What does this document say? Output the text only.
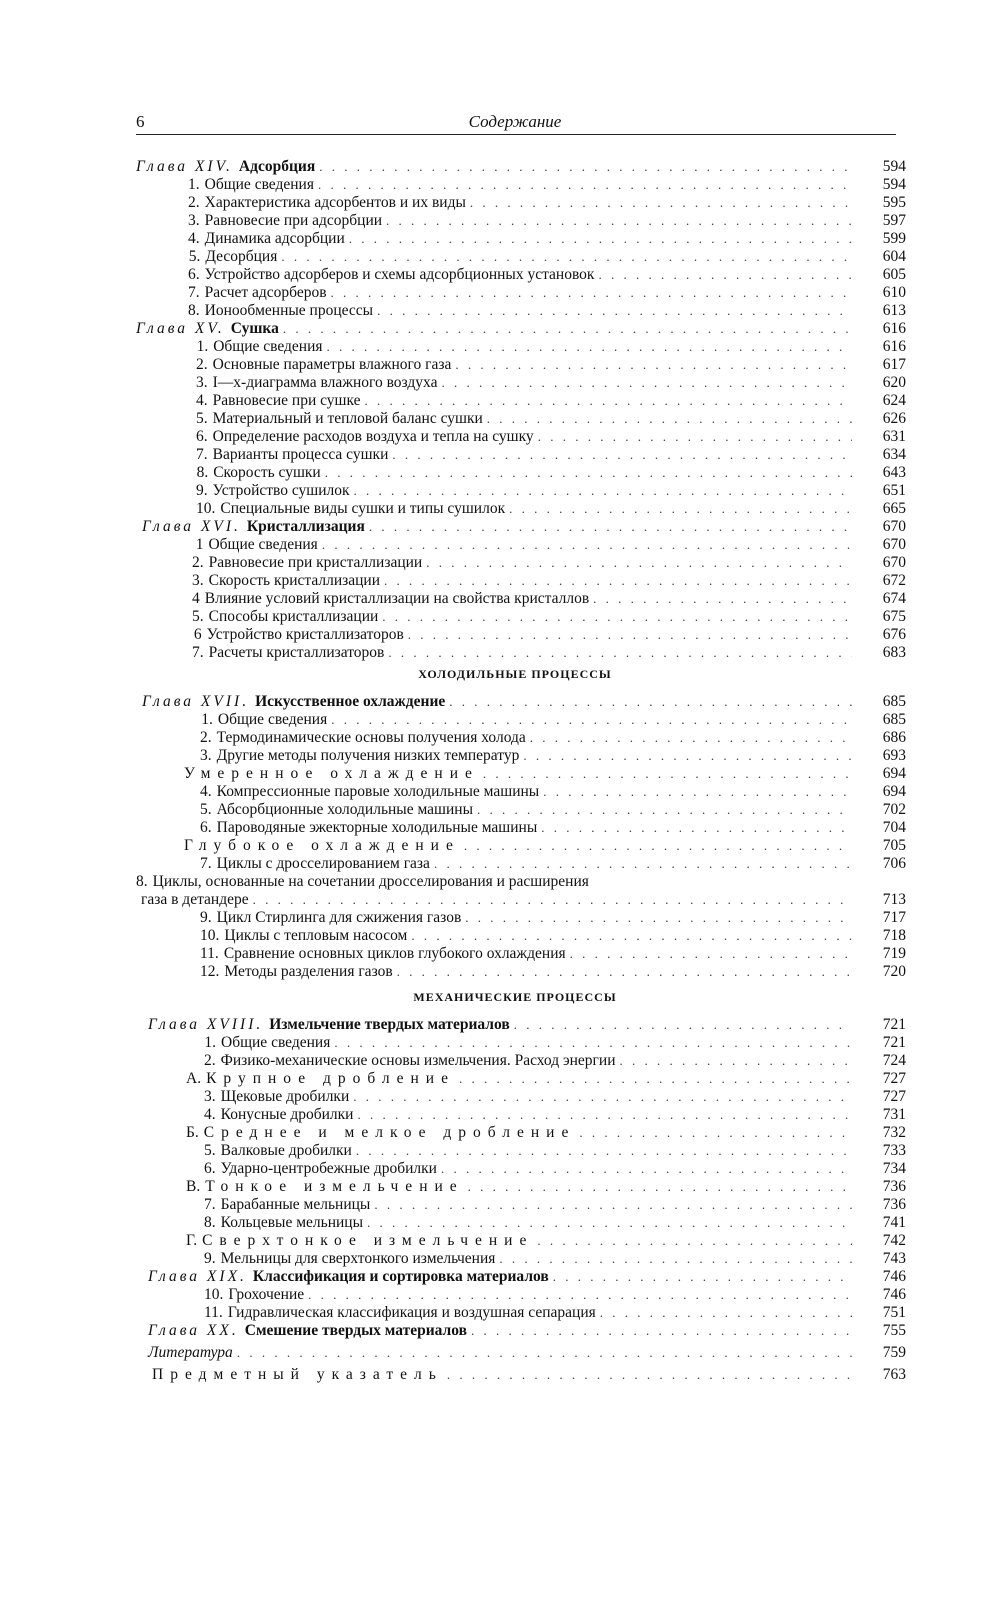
6	Содержание
ХОЛОДИЛЬНЫЕ ПРОЦЕССЫ
МЕХАНИЧЕСКИЕ ПРОЦЕССЫ
Глава XIV. Адсорбция . . .	594
1. Общие сведения . . .	594
2. Характеристика адсорбентов и их виды . . .	595
3. Равновесие при адсорбции . . .	597
4. Динамика адсорбции . . .	599
5. Десорбция . . .	604
6. Устройство адсорберов и схемы адсорбционных установок . . .	605
7. Расчет адсорберов . . .	610
8. Ионообменные процессы . . .	613
Глава XV. Сушка . . .	616
1. Общие сведения . . .	616
2. Основные параметры влажного газа . . .	617
3. I—x-диаграмма влажного воздуха . . .	620
4. Равновесие при сушке . . .	624
5. Материальный и тепловой баланс сушки . . .	626
6. Определение расходов воздуха и тепла на сушку . . .	631
7. Варианты процесса сушки . . .	634
8. Скорость сушки . . .	643
9. Устройство сушилок . . .	651
10. Специальные виды сушки и типы сушилок . . .	665
Глава XVI. Кристаллизация . . .	670
1 Общие сведения . . .	670
2. Равновесие при кристаллизации . . .	670
3. Скорость кристаллизации . . .	672
4 Влияние условий кристаллизации на свойства кристаллов . . .	674
5. Способы кристаллизации . . .	675
6 Устройство кристаллизаторов . . .	676
7. Расчеты кристаллизаторов . . .	683
Глава XVII. Искусственное охлаждение . . .	685
1. Общие сведения . . .	685
2. Термодинамические основы получения холода . . .	686
3. Другие методы получения низких температур . . .	693
Умеренное охлаждение . . .	694
4. Компрессионные паровые холодильные машины . . .	694
5. Абсорбционные холодильные машины . . .	702
6. Пароводяные эжекторные холодильные машины . . .	704
Глубокое охлаждение . . .	705
7. Циклы с дросселированием газа . . .	706
8. Циклы, основанные на сочетании дросселирования и расширения
газа в детандере . . .	713
9. Цикл Стирлинга для сжижения газов . . .	717
10. Циклы с тепловым насосом . . .	718
11. Сравнение основных циклов глубокого охлаждения . . .	719
12. Методы разделения газов . . .	720
Глава XVIII. Измельчение твердых материалов . . .	721
1. Общие сведения . . .	721
2. Физико-механические основы измельчения. Расход энергии . . .	724
А. Крупное дробление . . .	727
3. Щековые дробилки . . .	727
4. Конусные дробилки . . .	731
Б. Среднее и мелкое дробление . . .	732
5. Валковые дробилки . . .	733
6. Ударно-центробежные дробилки . . .	734
В. Тонкое измельчение . . .	736
7. Барабанные мельницы . . .	736
8. Кольцевые мельницы . . .	741
Г. Сверхтонкое измельчение . . .	742
9. Мельницы для сверхтонкого измельчения . . .	743
Глава XIX. Классификация и сортировка материалов . . .	746
10. Грохочение . . .	746
11. Гидравлическая классификация и воздушная сепарация . . .	751
Глава XX. Смешение твердых материалов . . .	755
Литература . . .	759
Предметный указатель . . .	763
